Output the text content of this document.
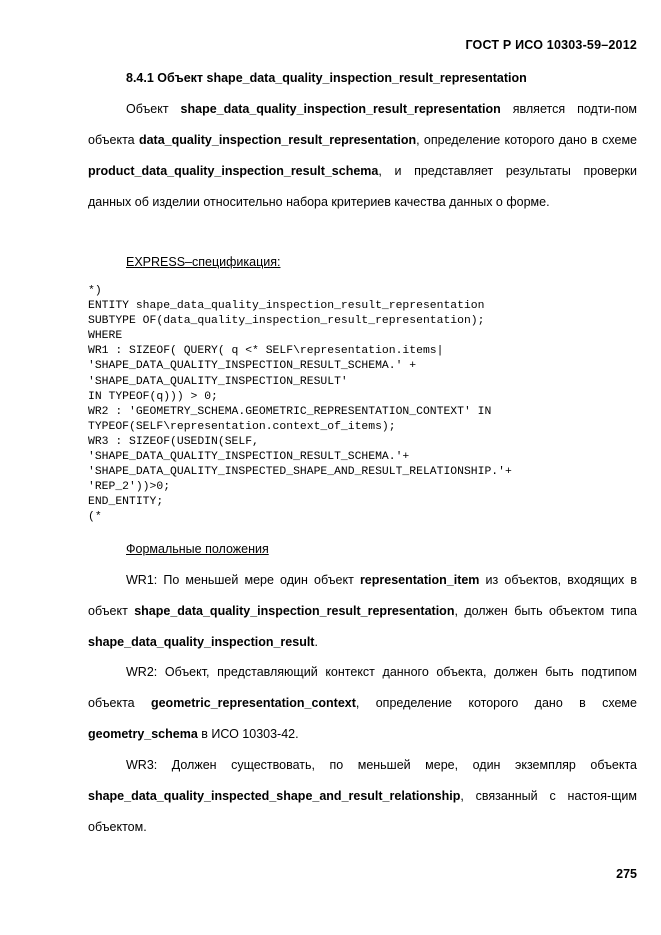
ГОСТ Р ИСО 10303-59–2012
8.4.1 Объект shape_data_quality_inspection_result_representation
Объект shape_data_quality_inspection_result_representation является подти-пом объекта data_quality_inspection_result_representation, определение которого дано в схеме product_data_quality_inspection_result_schema, и представляет результаты проверки данных об изделии относительно набора критериев качества данных о форме.
EXPRESS–спецификация:
*)
ENTITY shape_data_quality_inspection_result_representation
SUBTYPE OF(data_quality_inspection_result_representation);
WHERE
WR1 : SIZEOF( QUERY( q <* SELF\representation.items|
'SHAPE_DATA_QUALITY_INSPECTION_RESULT_SCHEMA.' +
'SHAPE_DATA_QUALITY_INSPECTION_RESULT'
IN TYPEOF(q))) > 0;
WR2 : 'GEOMETRY_SCHEMA.GEOMETRIC_REPRESENTATION_CONTEXT' IN
TYPEOF(SELF\representation.context_of_items);
WR3 : SIZEOF(USEDIN(SELF,
'SHAPE_DATA_QUALITY_INSPECTION_RESULT_SCHEMA.'+
'SHAPE_DATA_QUALITY_INSPECTED_SHAPE_AND_RESULT_RELATIONSHIP.'+
'REP_2'))>0;
END_ENTITY;
(*
Формальные положения
WR1: По меньшей мере один объект representation_item из объектов, входящих в объект shape_data_quality_inspection_result_representation, должен быть объектом типа shape_data_quality_inspection_result.
WR2: Объект, представляющий контекст данного объекта, должен быть подтипом объекта geometric_representation_context, определение которого дано в схеме geometry_schema в ИСО 10303-42.
WR3: Должен существовать, по меньшей мере, один экземпляр объекта shape_data_quality_inspected_shape_and_result_relationship, связанный с настоя-щим объектом.
275
